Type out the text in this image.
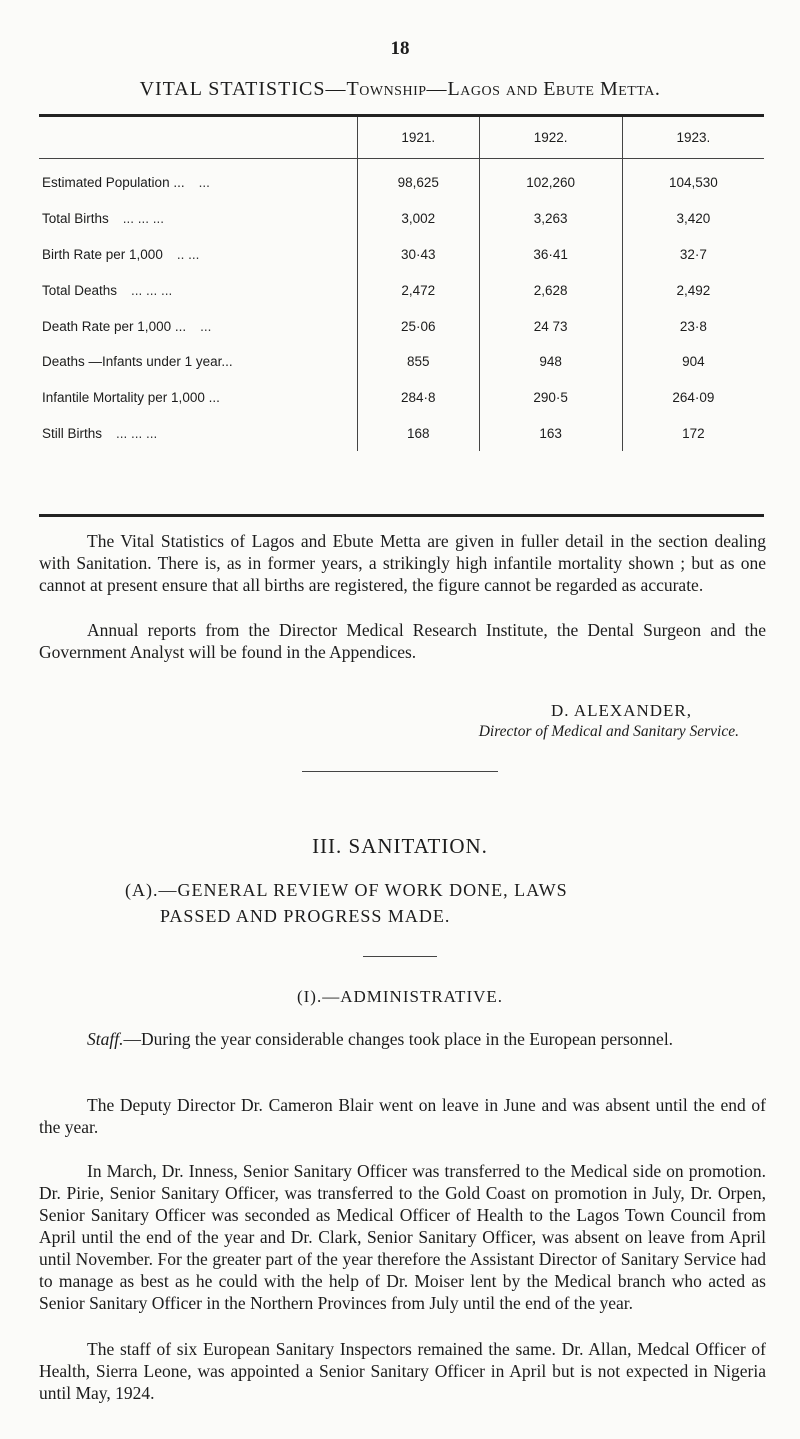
18
VITAL STATISTICS—Township—Lagos and Ebute Metta.
	1921.	1922.	1923.
Estimated Population ... ...	98,625	102,260	104,530
Total Births ... ... ...	3,002	3,263	3,420
Birth Rate per 1,000 .. ...	30·43	36·41	32·7
Total Deaths ... ... ...	2,472	2,628	2,492
Death Rate per 1,000 ... ...	25·06	24 73	23·8
Deaths —Infants under 1 year...	855	948	904
Infantile Mortality per 1,000 ...	284·8	290·5	264·09
Still Births ... ... ...	168	163	172

The Vital Statistics of Lagos and Ebute Metta are given in fuller detail in the section dealing with Sanitation. There is, as in former years, a strikingly high infantile mortality shown ; but as one cannot at present ensure that all births are registered, the figure cannot be regarded as accurate.

Annual reports from the Director Medical Research Institute, the Dental Surgeon and the Government Analyst will be found in the Appendices.

D. ALEXANDER,
Director of Medical and Sanitary Service.
III. SANITATION.
(A).—GENERAL REVIEW OF WORK DONE, LAWS
PASSED AND PROGRESS MADE.
(I).—ADMINISTRATIVE.

Staff.—During the year considerable changes took place in the European personnel.

The Deputy Director Dr. Cameron Blair went on leave in June and was absent until the end of the year.

In March, Dr. Inness, Senior Sanitary Officer was transferred to the Medical side on promotion. Dr. Pirie, Senior Sanitary Officer, was transferred to the Gold Coast on promotion in July, Dr. Orpen, Senior Sanitary Officer was seconded as Medical Officer of Health to the Lagos Town Council from April until the end of the year and Dr. Clark, Senior Sanitary Officer, was absent on leave from April until November. For the greater part of the year therefore the Assistant Director of Sanitary Service had to manage as best as he could with the help of Dr. Moiser lent by the Medical branch who acted as Senior Sanitary Officer in the Northern Provinces from July until the end of the year.

The staff of six European Sanitary Inspectors remained the same. Dr. Allan, Medcal Officer of Health, Sierra Leone, was appointed a Senior Sanitary Officer in April but is not expected in Nigeria until May, 1924.
